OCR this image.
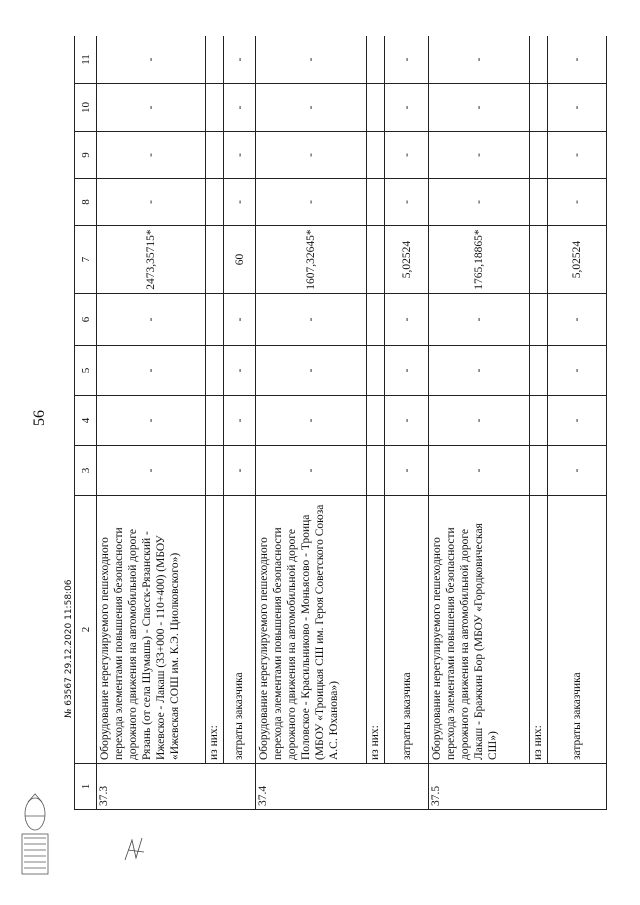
56
1	2	3	4	5	6	7	8	9	10	11
37.3	Оборудование нерегулируемого пешеходного перехода элементами повышения безопасности дорожного движения на автомобильной дороге Рязань (от села Шумашь) - Спасск-Рязанский - Ижевское - Лакаш (33+000 - 110+400) (МБОУ «Ижевская СОШ им. К.Э. Циолковского»)	-	-	-	-	2473,35715*	-	-	-	-
	из них:									
	затраты заказчика	-	-	-	-	60	-	-	-	-
37.4	Оборудование нерегулируемого пешеходного перехода элементами повышения безопасности дорожного движения на автомобильной дороге Половское - Красильниково - Моньясово - Троица (МБОУ «Троицкая СШ им. Героя Советского Союза А.С. Юханова»)	-	-	-	-	1607,32645*	-	-	-	-
	из них:									
	затраты заказчика	-	-	-	-	5,02524	-	-	-	-
37.5	Оборудование нерегулируемого пешеходного перехода элементами повышения безопасности дорожного движения на автомобильной дороге Лакаш - Бражкин Бор (МБОУ «Городковическая СШ»)	-	-	-	-	1765,18865*	-	-	-	-
	из них:									
	затраты заказчика	-	-	-	-	5,02524	-	-	-	-
№ 63567 29.12.2020 11:58:06
